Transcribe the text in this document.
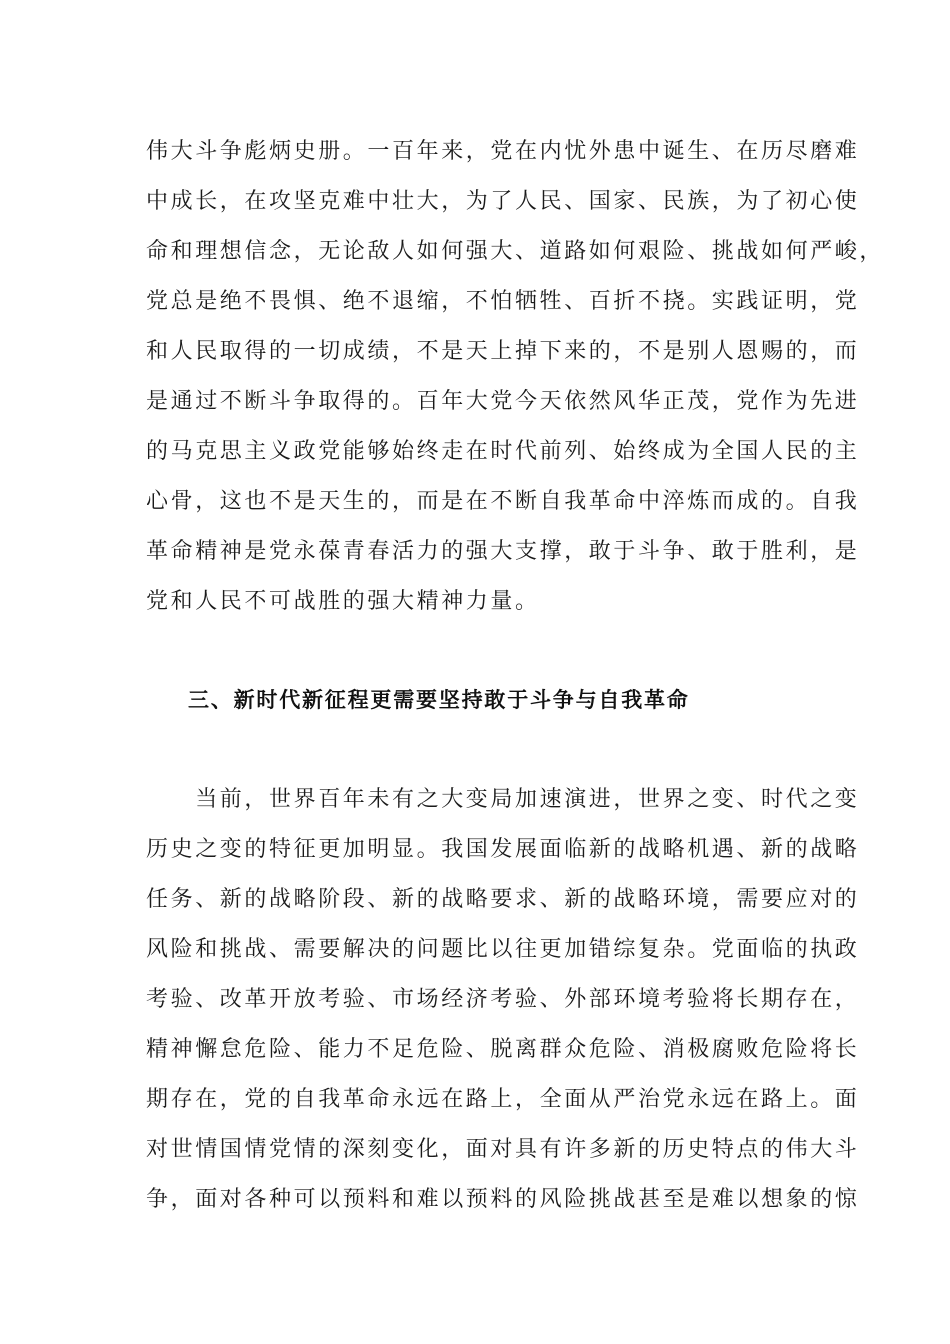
伟大斗争彪炳史册。一百年来，党在内忧外患中诞生、在历尽磨难
中成长，在攻坚克难中壮大，为了人民、国家、民族，为了初心使
命和理想信念，无论敌人如何强大、道路如何艰险、挑战如何严峻，
党总是绝不畏惧、绝不退缩，不怕牺牲、百折不挠。实践证明，党
和人民取得的一切成绩，不是天上掉下来的，不是别人恩赐的，而
是通过不断斗争取得的。百年大党今天依然风华正茂，党作为先进
的马克思主义政党能够始终走在时代前列、始终成为全国人民的主
心骨，这也不是天生的，而是在不断自我革命中淬炼而成的。自我
革命精神是党永葆青春活力的强大支撑，敢于斗争、敢于胜利，是
党和人民不可战胜的强大精神力量。
三、新时代新征程更需要坚持敢于斗争与自我革命
　　当前，世界百年未有之大变局加速演进，世界之变、时代之变
历史之变的特征更加明显。我国发展面临新的战略机遇、新的战略
任务、新的战略阶段、新的战略要求、新的战略环境，需要应对的
风险和挑战、需要解决的问题比以往更加错综复杂。党面临的执政
考验、改革开放考验、市场经济考验、外部环境考验将长期存在，
精神懈怠危险、能力不足危险、脱离群众危险、消极腐败危险将长
期存在，党的自我革命永远在路上，全面从严治党永远在路上。面
对世情国情党情的深刻变化，面对具有许多新的历史特点的伟大斗
争，面对各种可以预料和难以预料的风险挑战甚至是难以想象的惊
